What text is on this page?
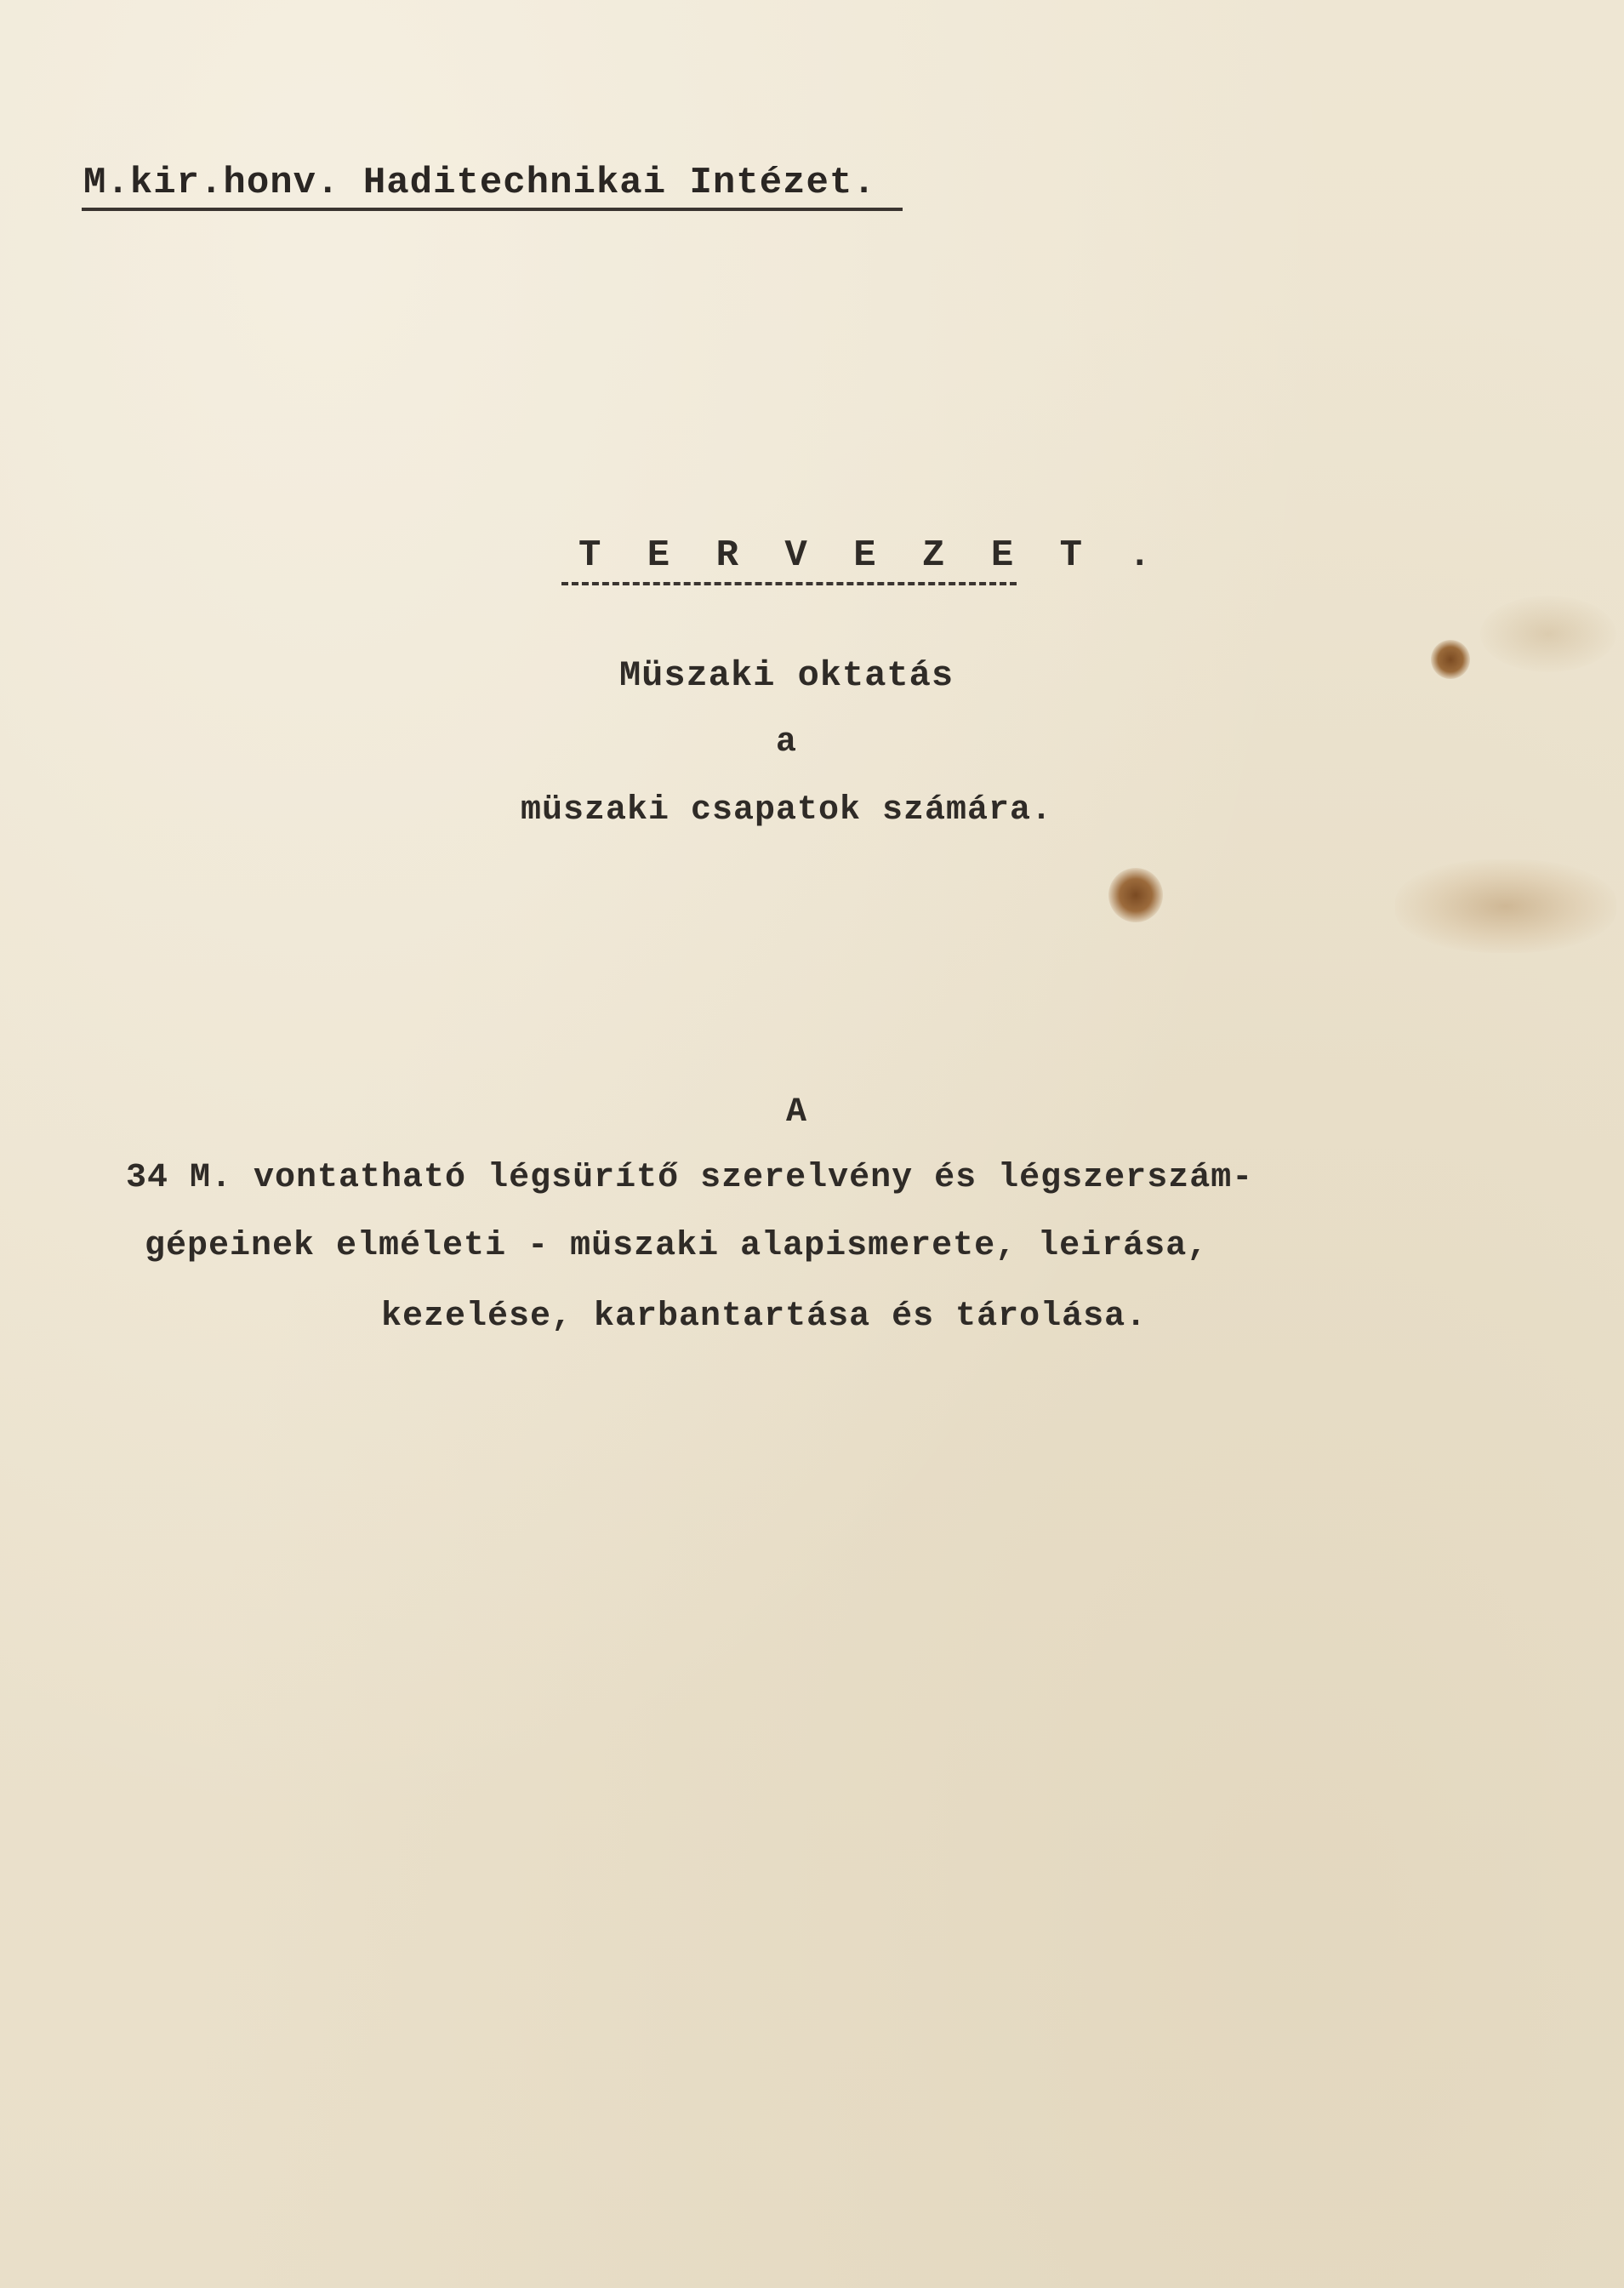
M.kir.honv. Haditechnikai Intézet.

T E R V E Z E T .

Müszaki oktatás

a

müszaki csapatok számára.

A

34 M. vontatható légsürítő szerelvény és légszerszám-

gépeinek elméleti - müszaki alapismerete, leirása,

kezelése, karbantartása és tárolása.
